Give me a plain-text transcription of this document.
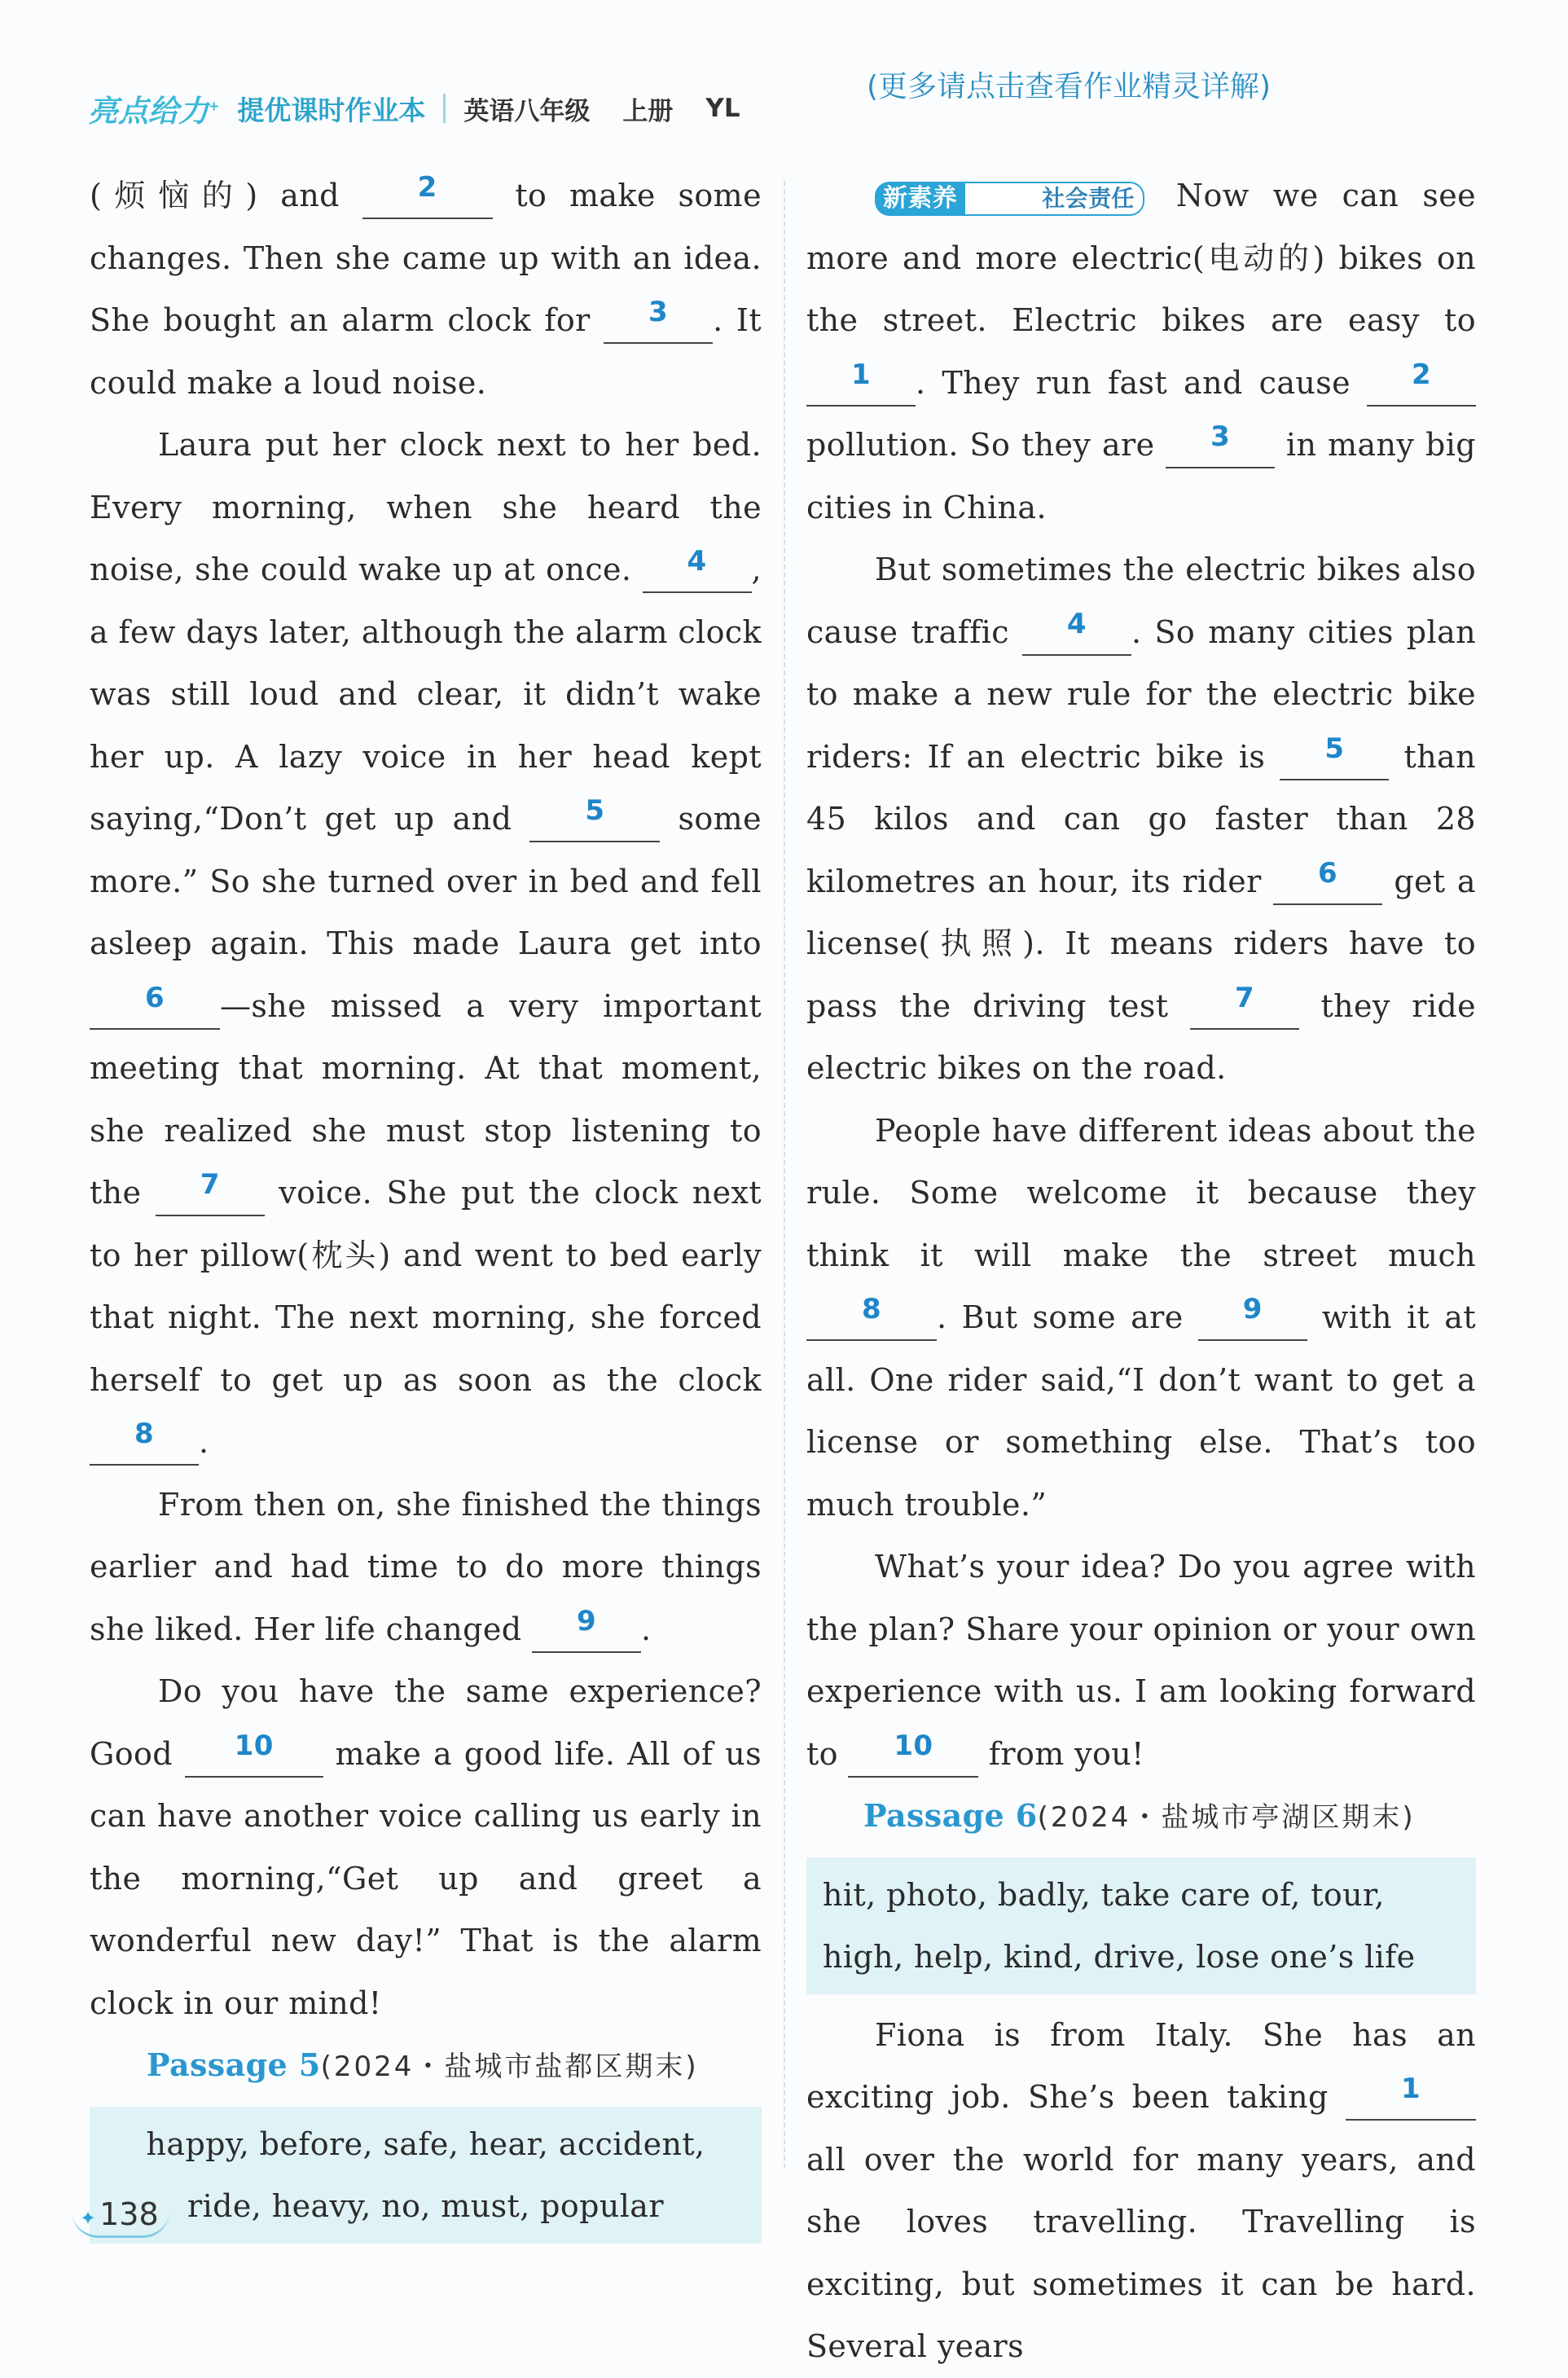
亮点给力+ 提优课时作业本 英语八年级 上册 YL
(更多请点击查看作业精灵详解)

(烦恼的) and 2 to make some changes. Then she came up with an idea. She bought an alarm clock for 3 . It could make a loud noise.

Laura put her clock next to her bed. Every morning, when she heard the noise, she could wake up at once. 4 , a few days later, although the alarm clock was still loud and clear, it didn’t wake her up. A lazy voice in her head kept saying,“Don’t get up and 5 some more.” So she turned over in bed and fell asleep again. This made Laura get into 6 —she missed a very important meeting that morning. At that moment, she realized she must stop listening to the 7 voice. She put the clock next to her pillow(枕头) and went to bed early that night. The next morning, she forced herself to get up as soon as the clock 8 .

From then on, she finished the things earlier and had time to do more things she liked. Her life changed 9 .

Do you have the same experience? Good 10 make a good life. All of us can have another voice calling us early in the morning,“Get up and greet a wonderful new day!” That is the alarm clock in our mind!

Passage 5(2024・盐城市盐都区期末)

happy, before, safe, hear, accident,
ride, heavy, no, must, popular

新素养	社会责任 Now we can see more and more electric(电动的) bikes on the street. Electric bikes are easy to 1 . They run fast and cause 2 pollution. So they are 3 in many big cities in China.

But sometimes the electric bikes also cause traffic 4 . So many cities plan to make a new rule for the electric bike riders: If an electric bike is 5 than 45 kilos and can go faster than 28 kilometres an hour, its rider 6 get a license(执照). It means riders have to pass the driving test 7 they ride electric bikes on the road.

People have different ideas about the rule. Some welcome it because they think it will make the street much 8 . But some are 9 with it at all. One rider said,“I don’t want to get a license or something else. That’s too much trouble.”

What’s your idea? Do you agree with the plan? Share your opinion or your own experience with us. I am looking forward to 10 from you!

Passage 6(2024・盐城市亭湖区期末)

hit, photo, badly, take care of, tour,
high, help, kind, drive, lose one’s life

Fiona is from Italy. She has an exciting job. She’s been taking 1 all over the world for many years, and she loves travelling. Travelling is exciting, but sometimes it can be hard. Several years

✦ 138
